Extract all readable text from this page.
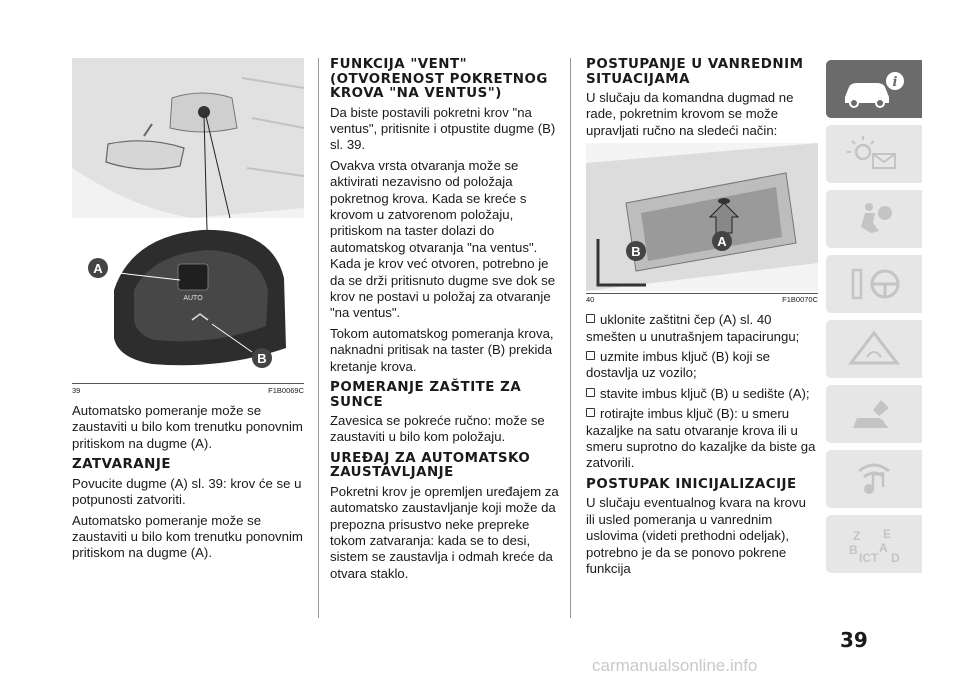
AUTO
A
B
39	F1B0069C

Automatsko pomeranje može se zaustaviti u bilo kom trenutku ponovnim pritiskom na dugme (A).

ZATVARANJE

Povucite dugme (A) sl. 39: krov će se u potpunosti zatvoriti.

Automatsko pomeranje može se zaustaviti u bilo kom trenutku ponovnim pritiskom na dugme (A).

FUNKCIJA "VENT" (OTVORENOST POKRETNOG KROVA "NA VENTUS")

Da biste postavili pokretni krov "na ventus", pritisnite i otpustite dugme (B) sl. 39.

Ovakva vrsta otvaranja može se aktivirati nezavisno od položaja pokretnog krova. Kada se kreće s krovom u zatvorenom položaju, pritiskom na taster dolazi do automatskog otvaranja "na ventus". Kada je krov već otvoren, potrebno je da se drži pritisnuto dugme sve dok se krov ne postavi u položaj za otvaranje "na ventus".

Tokom automatskog pomeranja krova, naknadni pritisak na taster (B) prekida kretanje krova.

POMERANJE ZAŠTITE ZA SUNCE

Zavesica se pokreće ručno: može se zaustaviti u bilo kom položaju.

UREĐAJ ZA AUTOMATSKO ZAUSTAVLJANJE

Pokretni krov je opremljen uređajem za automatsko zaustavljanje koji može da prepozna prisustvo neke prepreke tokom zatvaranja: kada se to desi, sistem se zaustavlja i odmah kreće da otvara staklo.

POSTUPANJE U VANREDNIM SITUACIJAMA

U slučaju da komandna dugmad ne rade, pokretnim krovom se može upravljati ručno na sledeći način:

B
A
40	F1B0070C

uklonite zaštitni čep (A) sl. 40 smešten u unutrašnjem tapacirungu;

uzmite imbus ključ (B) koji se dostavlja uz vozilo;

stavite imbus ključ (B) u sedište (A);

rotirajte imbus ključ (B): u smeru kazaljke na satu otvaranje krova ili u smeru suprotno do kazaljke da biste ga zatvorili.

POSTUPAK INICIJALIZACIJE

U slučaju eventualnog kvara na krovu ili usled pomeranja u vanrednim uslovima (videti prethodni odeljak), potrebno je da se ponovo pokrene funkcija

i
Z E
B A
ICT D
39
carmanualsonline.info
